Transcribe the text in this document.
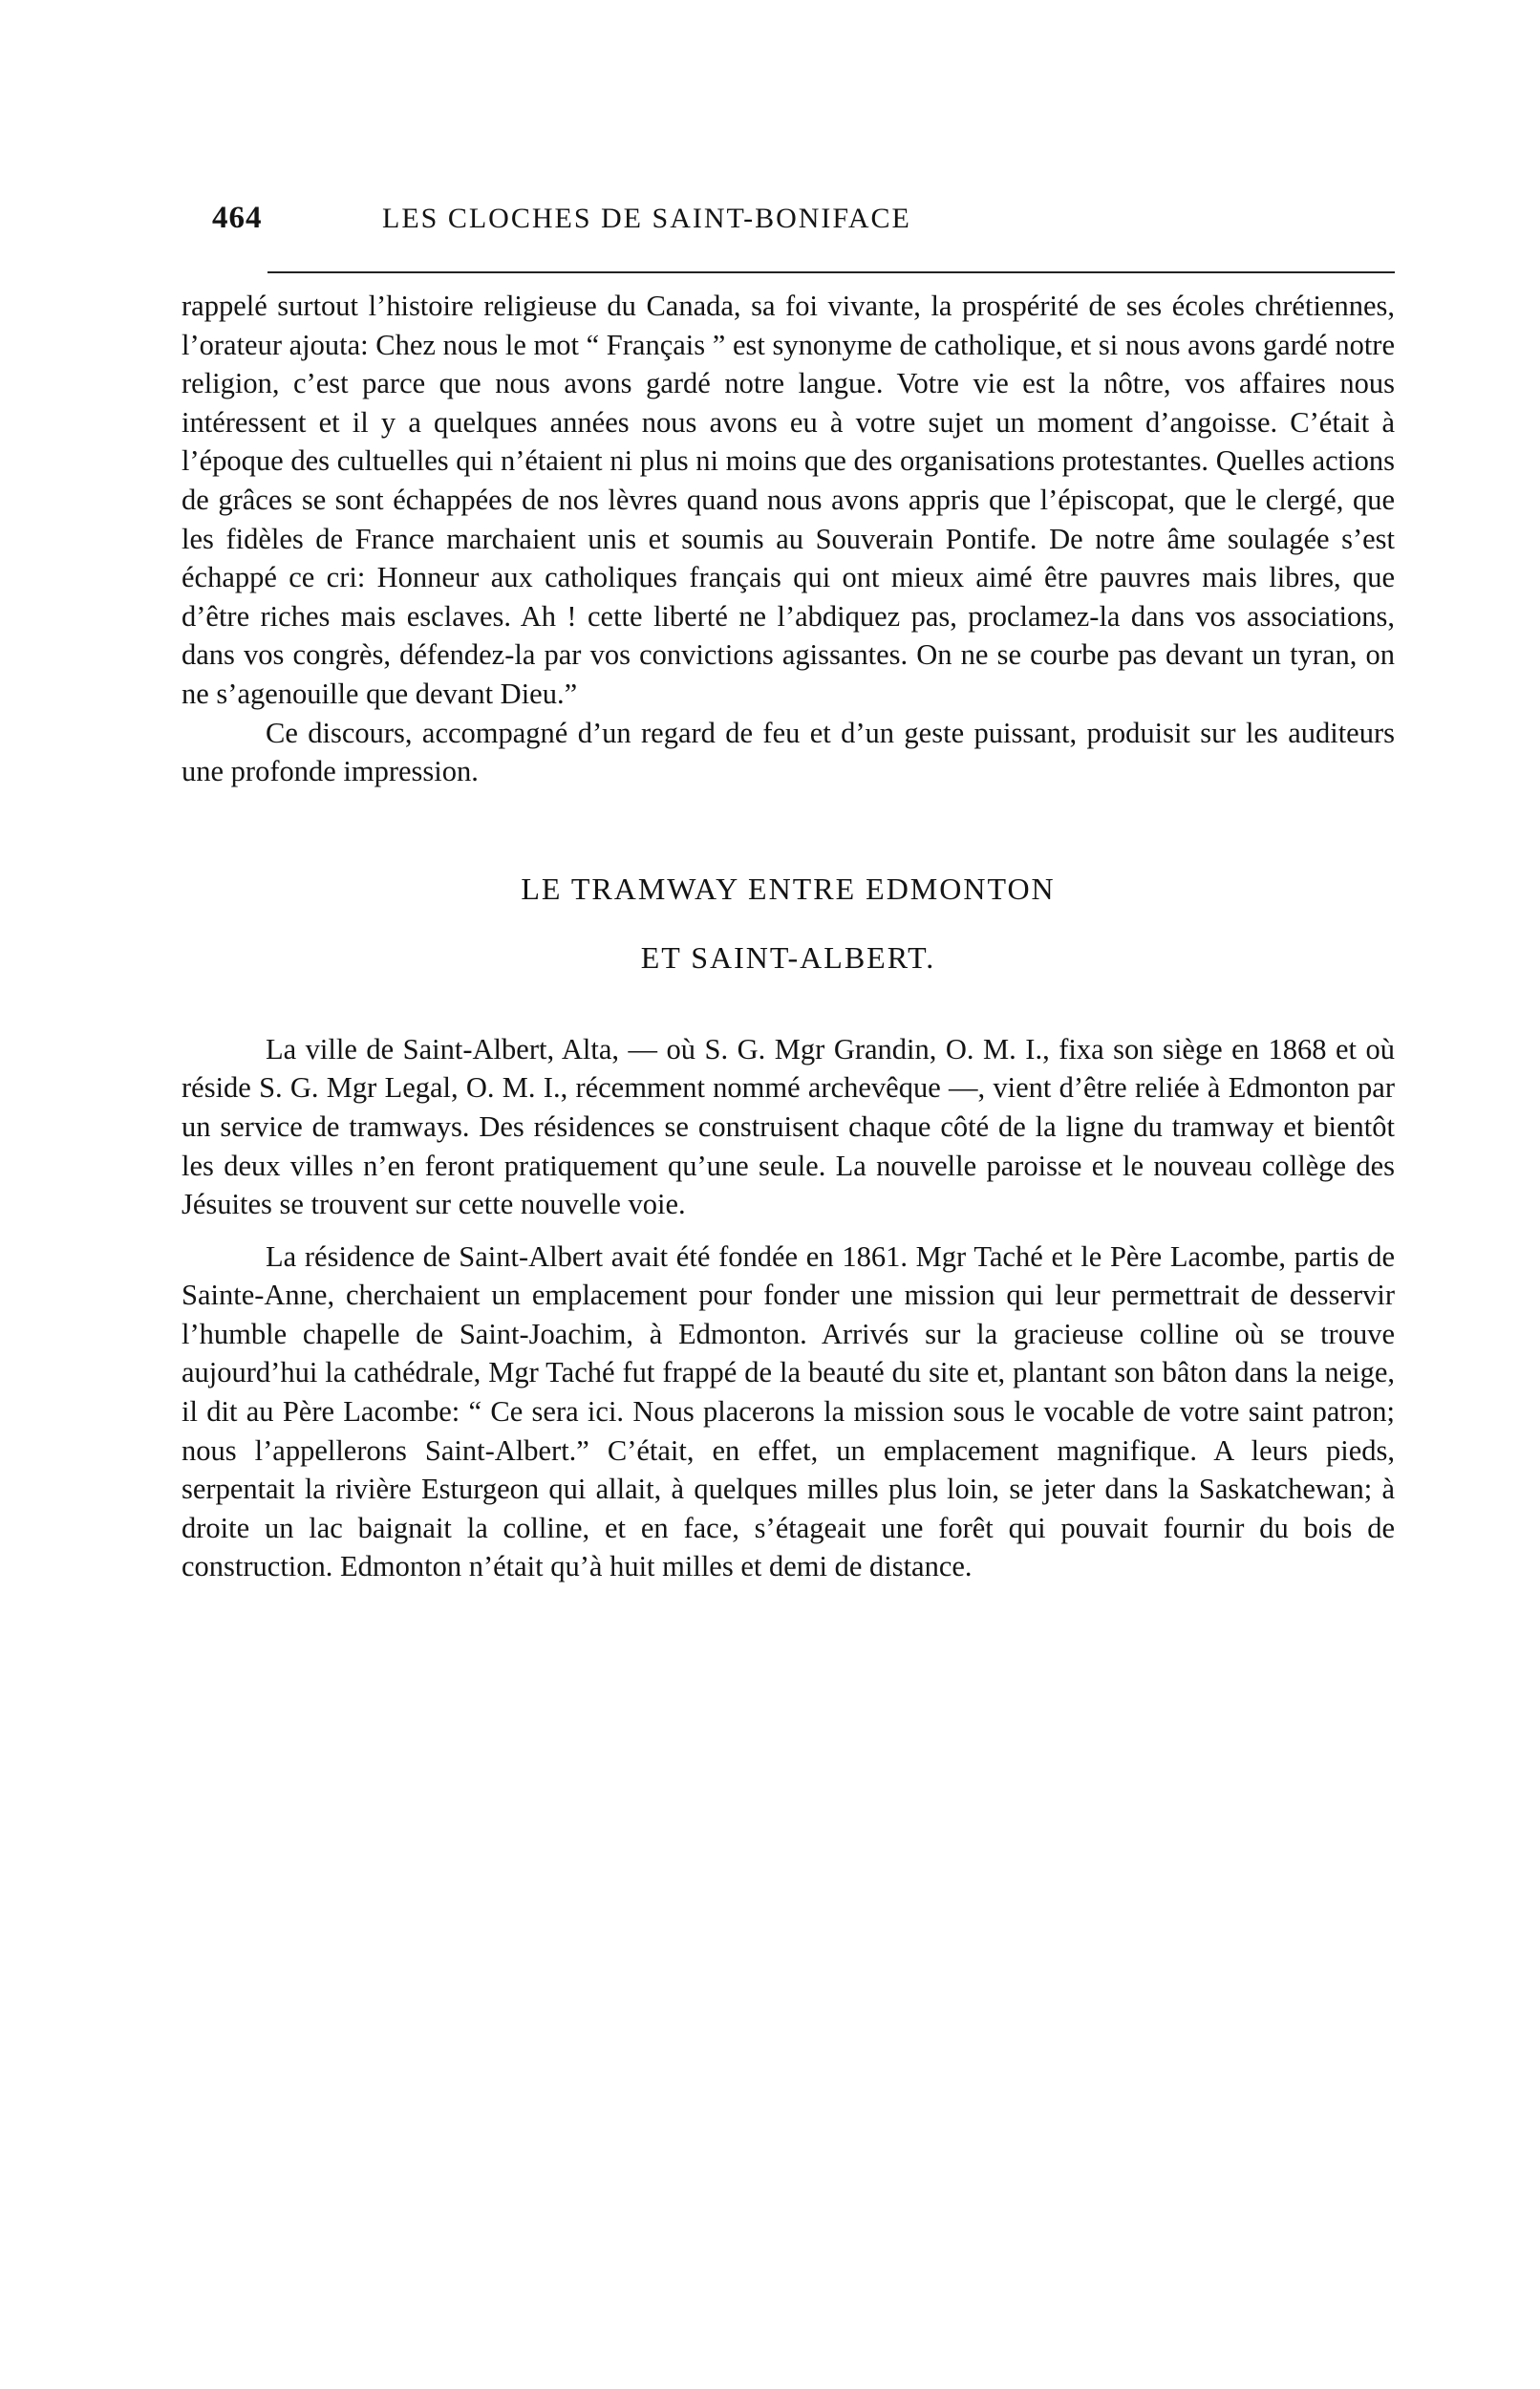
464	LES CLOCHES DE SAINT-BONIFACE

rappelé surtout l’histoire religieuse du Canada, sa foi vivante, la prospérité de ses écoles chrétiennes, l’orateur ajouta: Chez nous le mot “ Français ” est synonyme de catholique, et si nous avons gardé notre religion, c’est parce que nous avons gardé notre langue. Votre vie est la nôtre, vos affaires nous intéressent et il y a quelques années nous avons eu à votre sujet un moment d’angoisse. C’était à l’époque des cultuelles qui n’étaient ni plus ni moins que des organisations protestantes. Quelles actions de grâces se sont échappées de nos lèvres quand nous avons appris que l’épiscopat, que le clergé, que les fidèles de France marchaient unis et soumis au Souverain Pontife. De notre âme soulagée s’est échappé ce cri: Honneur aux catholiques français qui ont mieux aimé être pauvres mais libres, que d’être riches mais esclaves. Ah ! cette liberté ne l’abdiquez pas, proclamez-la dans vos associations, dans vos congrès, défendez-la par vos convictions agissantes. On ne se courbe pas devant un tyran, on ne s’agenouille que devant Dieu.”

Ce discours, accompagné d’un regard de feu et d’un geste puissant, produisit sur les auditeurs une profonde impression.

LE TRAMWAY ENTRE EDMONTON

ET SAINT-ALBERT.

La ville de Saint-Albert, Alta, — où S. G. Mgr Grandin, O. M. I., fixa son siège en 1868 et où réside S. G. Mgr Legal, O. M. I., récemment nommé archevêque —, vient d’être reliée à Edmonton par un service de tramways. Des résidences se construisent chaque côté de la ligne du tramway et bientôt les deux villes n’en feront pratiquement qu’une seule. La nouvelle paroisse et le nouveau collège des Jésuites se trouvent sur cette nouvelle voie.

La résidence de Saint-Albert avait été fondée en 1861. Mgr Taché et le Père Lacombe, partis de Sainte-Anne, cherchaient un emplacement pour fonder une mission qui leur permettrait de desservir l’humble chapelle de Saint-Joachim, à Edmonton. Arrivés sur la gracieuse colline où se trouve aujourd’hui la cathédrale, Mgr Taché fut frappé de la beauté du site et, plantant son bâton dans la neige, il dit au Père Lacombe: “ Ce sera ici. Nous placerons la mission sous le vocable de votre saint patron; nous l’appellerons Saint-Albert.” C’était, en effet, un emplacement magnifique. A leurs pieds, serpentait la rivière Esturgeon qui allait, à quelques milles plus loin, se jeter dans la Saskatchewan; à droite un lac baignait la colline, et en face, s’étageait une forêt qui pouvait fournir du bois de construction. Edmonton n’était qu’à huit milles et demi de distance.
